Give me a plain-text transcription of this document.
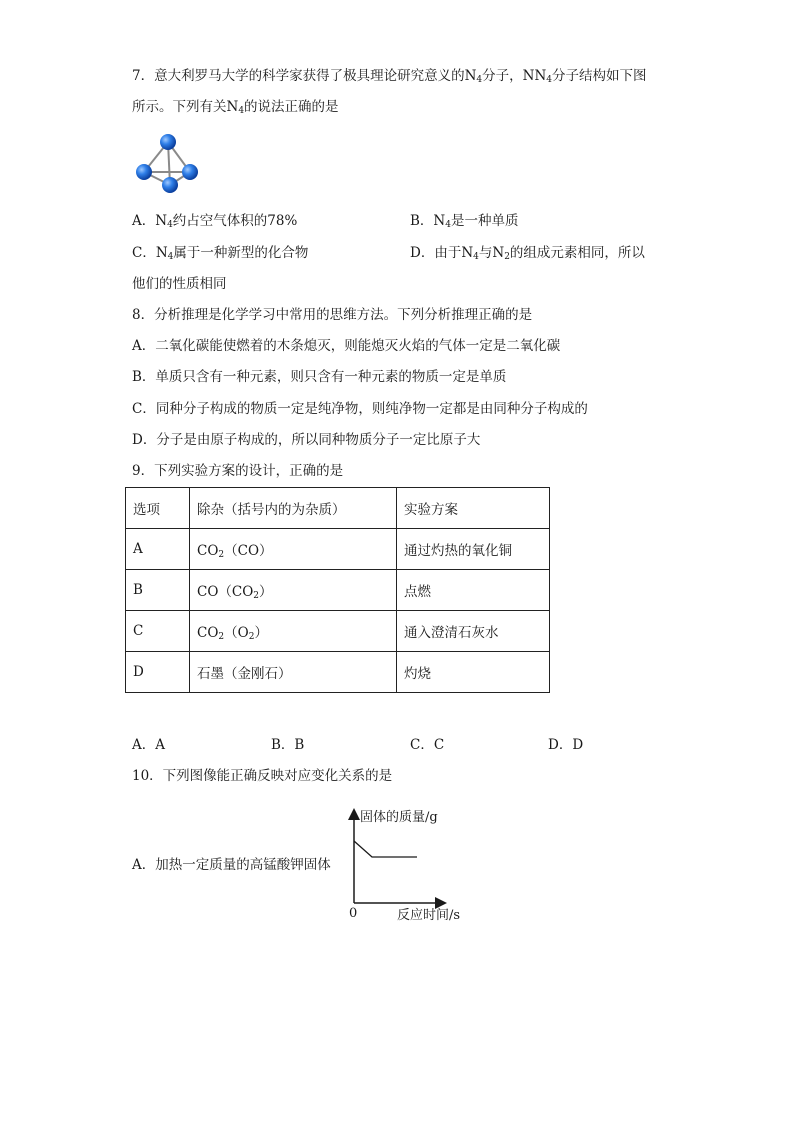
7．意大利罗马大学的科学家获得了极具理论研究意义的$N_4$分子，$NN_4$分子结构如下图
所示。下列有关$N_4$的说法正确的是
A．$N_4$约占空气体积的78%	B．$N_4$是一种单质
C．$N_4$属于一种新型的化合物	D．由于$N_4$与$N_2$的组成元素相同，所以
他们的性质相同
8．分析推理是化学学习中常用的思维方法。下列分析推理正确的是
A．二氧化碳能使燃着的木条熄灭，则能熄灭火焰的气体一定是二氧化碳
B．单质只含有一种元素，则只含有一种元素的物质一定是单质
C．同种分子构成的物质一定是纯净物，则纯净物一定都是由同种分子构成的
D．分子是由原子构成的，所以同种物质分子一定比原子大
9．下列实验方案的设计，正确的是
选项	除杂（括号内的为杂质）	实验方案
A	$CO_2(CO)$	通过灼热的氧化铜
B	$CO(CO_2)$	点燃
C	$CO_2(O_2)$	通入澄清石灰水
D	石墨（金刚石）	灼烧
A．A	B．B	C．C	D．D
10．下列图像能正确反映对应变化关系的是
A．加热一定质量的高锰酸钾固体
固体的质量/g
反应时间/s
0
